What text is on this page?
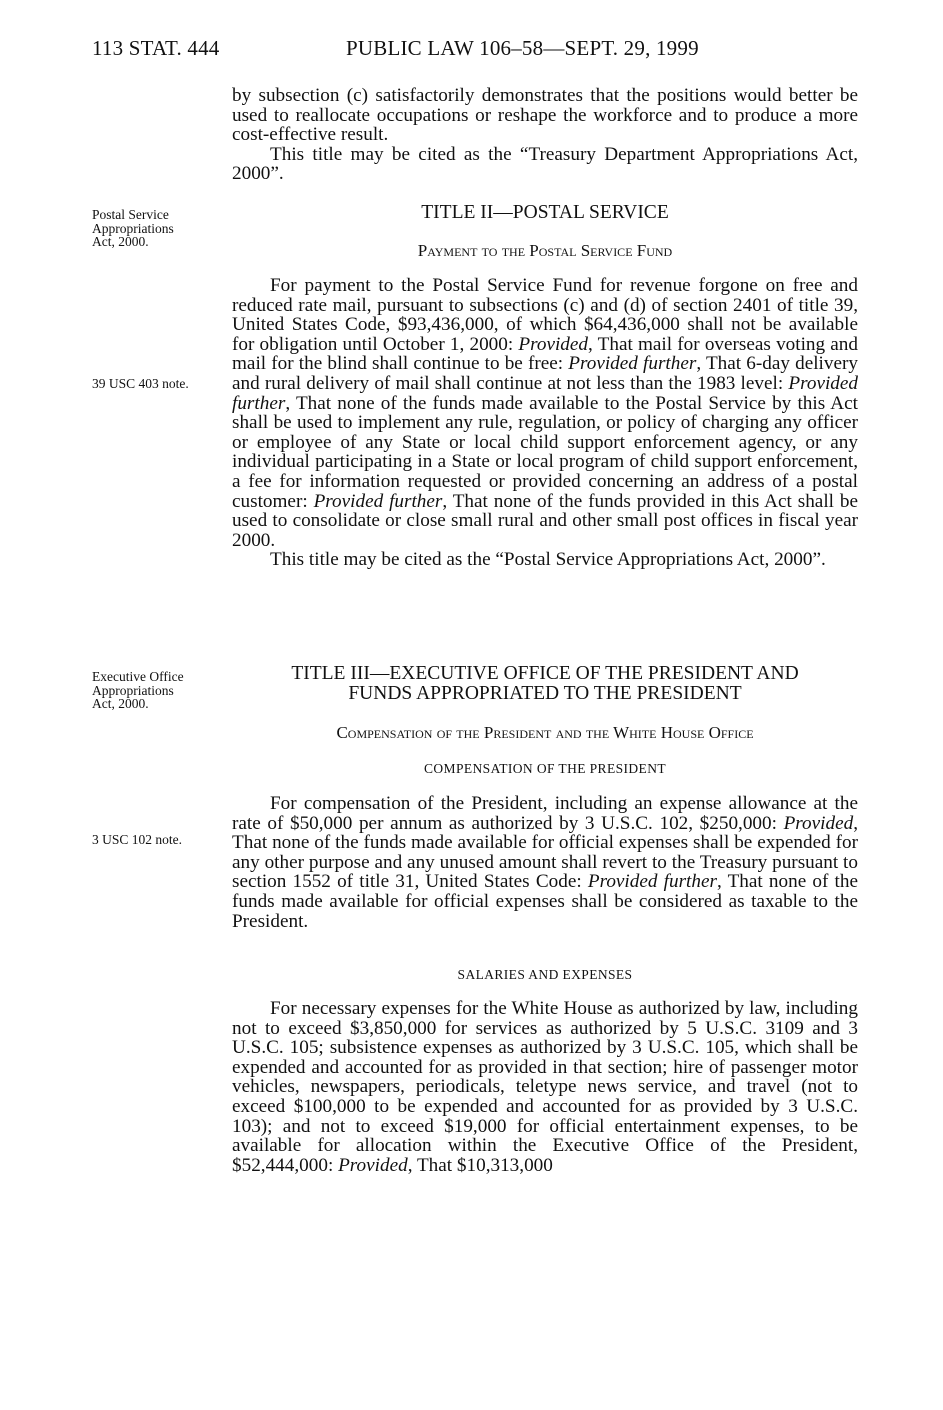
113 STAT. 444	PUBLIC LAW 106–58—SEPT. 29, 1999

by subsection (c) satisfactorily demonstrates that the positions would better be used to reallocate occupations or reshape the workforce and to produce a more cost-effective result.

This title may be cited as the “Treasury Department Appropriations Act, 2000”.

Postal Service
Appropriations
Act, 2000.
TITLE II—POSTAL SERVICE
Payment to the Postal Service Fund

For payment to the Postal Service Fund for revenue forgone on free and reduced rate mail, pursuant to subsections (c) and (d) of section 2401 of title 39, United States Code, $93,436,000, of which $64,436,000 shall not be available for obligation until October 1, 2000: Provided, That mail for overseas voting and mail for the blind shall continue to be free: Provided further, That 6-day delivery and rural delivery of mail shall continue at not less than the 1983 level: Provided further, That none of the funds made available to the Postal Service by this Act shall be used to implement any rule, regulation, or policy of charging any officer or employee of any State or local child support enforcement agency, or any individual participating in a State or local program of child support enforcement, a fee for information requested or provided concerning an address of a postal customer: Provided further, That none of the funds provided in this Act shall be used to consolidate or close small rural and other small post offices in fiscal year 2000.

This title may be cited as the “Postal Service Appropriations Act, 2000”.

39 USC 403 note.
Executive Office
Appropriations
Act, 2000.
TITLE III—EXECUTIVE OFFICE OF THE PRESIDENT AND
FUNDS APPROPRIATED TO THE PRESIDENT
Compensation of the President and the White House Office
COMPENSATION OF THE PRESIDENT

For compensation of the President, including an expense allowance at the rate of $50,000 per annum as authorized by 3 U.S.C. 102, $250,000: Provided, That none of the funds made available for official expenses shall be expended for any other purpose and any unused amount shall revert to the Treasury pursuant to section 1552 of title 31, United States Code: Provided further, That none of the funds made available for official expenses shall be considered as taxable to the President.

3 USC 102 note.
SALARIES AND EXPENSES

For necessary expenses for the White House as authorized by law, including not to exceed $3,850,000 for services as authorized by 5 U.S.C. 3109 and 3 U.S.C. 105; subsistence expenses as authorized by 3 U.S.C. 105, which shall be expended and accounted for as provided in that section; hire of passenger motor vehicles, newspapers, periodicals, teletype news service, and travel (not to exceed $100,000 to be expended and accounted for as provided by 3 U.S.C. 103); and not to exceed $19,000 for official entertainment expenses, to be available for allocation within the Executive Office of the President, $52,444,000: Provided, That $10,313,000
